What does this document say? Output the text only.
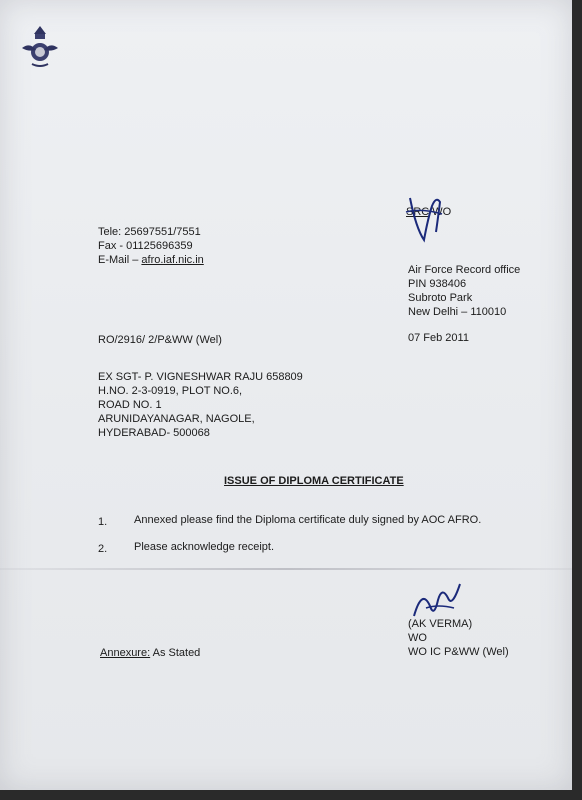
Tele: 25697551/7551
Fax - 01125696359
E-Mail – afro.iaf.nic.in
SRC WO
Air Force Record office
PIN 938406
Subroto Park
New Delhi – 110010
RO/2916/ 2/P&WW (Wel)	07 Feb 2011
EX SGT- P. VIGNESHWAR RAJU 658809
H.NO. 2-3-0919, PLOT NO.6,
ROAD NO. 1
ARUNIDAYANAGAR, NAGOLE,
HYDERABAD- 500068
ISSUE OF DIPLOMA CERTIFICATE
1. Annexed please find the Diploma certificate duly signed by AOC AFRO.
2. Please acknowledge receipt.
(AK VERMA)
WO
WO IC P&WW (Wel)
Annexure: As Stated
